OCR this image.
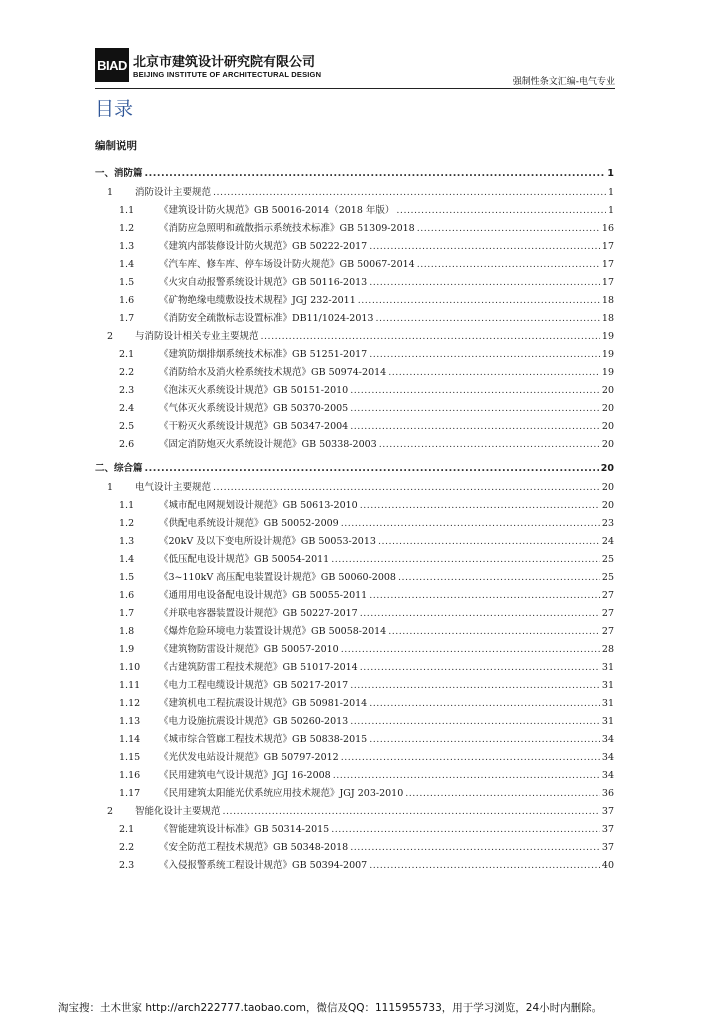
BIAD 北京市建筑设计研究院有限公司
BEIJING INSTITUTE OF ARCHITECTURAL DESIGN
强制性条文汇编-电气专业
目录
编制说明
一、 消防篇 .....	1
1	消防设计主要规范 .....	1
1.1	《建筑设计防火规范》GB 50016-2014（2018 年版） .....	1
1.2	《消防应急照明和疏散指示系统技术标准》GB 51309-2018 .....	16
1.3	《建筑内部装修设计防火规范》GB 50222-2017 .....	17
1.4	《汽车库、修车库、停车场设计防火规范》GB 50067-2014 .....	17
1.5	《火灾自动报警系统设计规范》GB 50116-2013 .....	17
1.6	《矿物绝缘电缆敷设技术规程》JGJ 232-2011 .....	18
1.7	《消防安全疏散标志设置标准》DB11/1024-2013 .....	18
2	与消防设计相关专业主要规范 .....	19
2.1	《建筑防烟排烟系统技术标准》GB 51251-2017 .....	19
2.2	《消防给水及消火栓系统技术规范》GB 50974-2014 .....	19
2.3	《泡沫灭火系统设计规范》GB 50151-2010 .....	20
2.4	《气体灭火系统设计规范》GB 50370-2005 .....	20
2.5	《干粉灭火系统设计规范》GB 50347-2004 .....	20
2.6	《固定消防炮灭火系统设计规范》GB 50338-2003 .....	20
二、 综合篇 .....	20
1	电气设计主要规范 .....	20
1.1	《城市配电网规划设计规范》GB 50613-2010 .....	20
1.2	《供配电系统设计规范》GB 50052-2009 .....	23
1.3	《20kV 及以下变电所设计规范》GB 50053-2013 .....	24
1.4	《低压配电设计规范》GB 50054-2011 .....	25
1.5	《3~110kV 高压配电装置设计规范》GB 50060-2008 .....	25
1.6	《通用用电设备配电设计规范》GB 50055-2011 .....	27
1.7	《并联电容器装置设计规范》GB 50227-2017 .....	27
1.8	《爆炸危险环境电力装置设计规范》GB 50058-2014 .....	27
1.9	《建筑物防雷设计规范》GB 50057-2010 .....	28
1.10	《古建筑防雷工程技术规范》GB 51017-2014 .....	31
1.11	《电力工程电缆设计规范》GB 50217-2017 .....	31
1.12	《建筑机电工程抗震设计规范》GB 50981-2014 .....	31
1.13	《电力设施抗震设计规范》GB 50260-2013 .....	31
1.14	《城市综合管廊工程技术规范》GB 50838-2015 .....	34
1.15	《光伏发电站设计规范》GB 50797-2012 .....	34
1.16	《民用建筑电气设计规范》JGJ 16-2008 .....	34
1.17	《民用建筑太阳能光伏系统应用技术规范》JGJ 203-2010 .....	36
2	智能化设计主要规范 .....	37
2.1	《智能建筑设计标准》GB 50314-2015 .....	37
2.2	《安全防范工程技术规范》GB 50348-2018 .....	37
2.3	《入侵报警系统工程设计规范》GB 50394-2007 .....	40
淘宝搜：土木世家 http://arch222777.taobao.com，微信及QQ：1115955733，用于学习浏览，24小时内删除。
